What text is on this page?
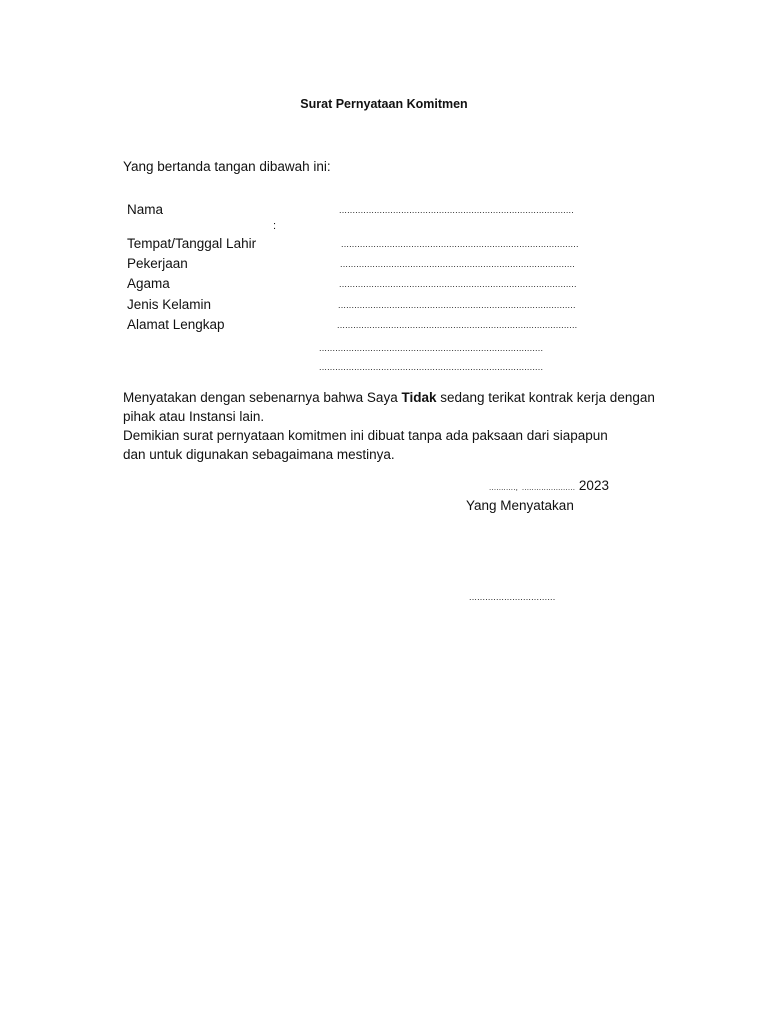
Surat Pernyataan Komitmen
Yang bertanda tangan dibawah ini:
Nama	.......................................................................................
:
Tempat/Tanggal Lahir	........................................................................................
Pekerjaan	.......................................................................................
Agama	........................................................................................
Jenis Kelamin	........................................................................................
Alamat Lengkap	.........................................................................................
...................................................................................
...................................................................................
Menyatakan dengan sebenarnya bahwa Saya Tidak sedang terikat kontrak kerja dengan pihak atau Instansi lain.
Demikian surat pernyataan komitmen ini dibuat tanpa ada paksaan dari siapapun
dan untuk digunakan sebagaimana mestinya.
..........., ...................... 2023
Yang Menyatakan
................................
